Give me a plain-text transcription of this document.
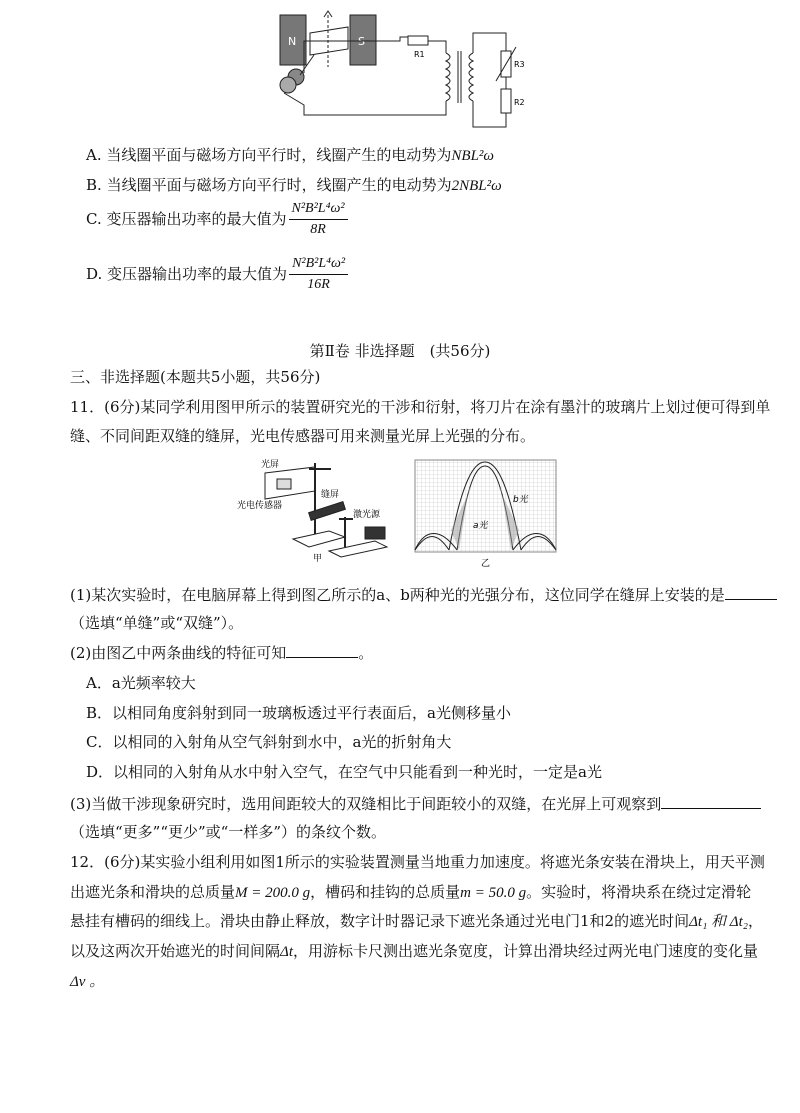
N	S
R1
R3
R2
A. 当线圈平面与磁场方向平行时，线圈产生的电动势为NBL²ω
B. 当线圈平面与磁场方向平行时，线圈产生的电动势为2NBL²ω
C. 变压器输出功率的最大值为 $\frac{\text{N²B²L⁴ω²}}{8R}$
D. 变压器输出功率的最大值为 $\frac{\text{N²B²L⁴ω²}}{16R}$
第Ⅱ卷 非选择题　(共56分)
三、非选择题(本题共5小题，共56分)
11．(6分)某同学利用图甲所示的装置研究光的干涉和衍射，将刀片在涂有墨汁的玻璃片上划过便可得到单
缝、不同间距双缝的缝屏，光电传感器可用来测量光屏上光强的分布。
光屏
光电传感器
缝屏
激光源
甲
a光
b光
乙
(1)某次实验时，在电脑屏幕上得到图乙所示的a、b两种光的光强分布，这位同学在缝屏上安装的是
（选填“单缝”或“双缝”）。
(2)由图乙中两条曲线的特征可知	。
A．a光频率较大
B．以相同角度斜射到同一玻璃板透过平行表面后，a光侧移量小
C．以相同的入射角从空气斜射到水中，a光的折射角大
D．以相同的入射角从水中射入空气，在空气中只能看到一种光时，一定是a光
(3)当做干涉现象研究时，选用间距较大的双缝相比于间距较小的双缝，在光屏上可观察到
（选填“更多”“更少”或“一样多”）的条纹个数。
12．(6分)某实验小组利用如图1所示的实验装置测量当地重力加速度。将遮光条安装在滑块上，用天平测
出遮光条和滑块的总质量M = 200.0 g，槽码和挂钩的总质量m = 50.0 g。实验时，将滑块系在绕过定滑轮
悬挂有槽码的细线上。滑块由静止释放，数字计时器记录下遮光条通过光电门1和2的遮光时间Δt₁ 和 Δt₂，
以及这两次开始遮光的时间间隔Δt，用游标卡尺测出遮光条宽度，计算出滑块经过两光电门速度的变化量
Δv 。
